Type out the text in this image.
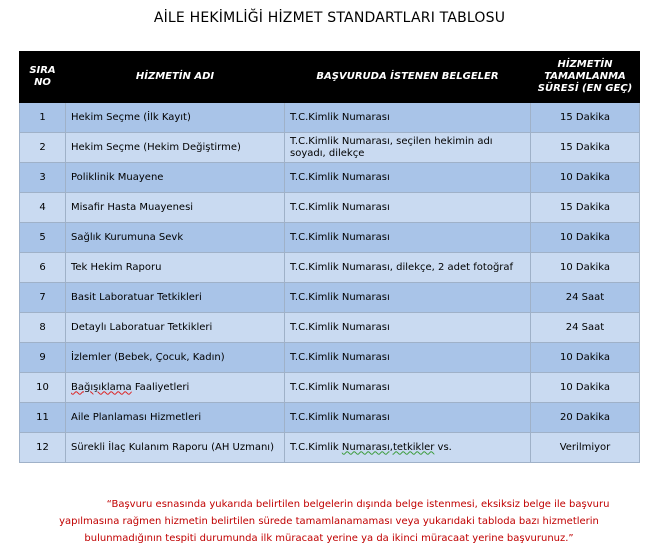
AİLE HEKİMLİĞİ HİZMET STANDARTLARI TABLOSU
SIRA NO	HİZMETİN ADI	BAŞVURUDA İSTENEN BELGELER	HİZMETİN TAMAMLANMA SÜRESİ (EN GEÇ)
1	Hekim Seçme (İlk Kayıt)	T.C.Kimlik Numarası	15 Dakika
2	Hekim Seçme (Hekim Değiştirme)	T.C.Kimlik Numarası, seçilen hekimin adı soyadı, dilekçe	15 Dakika
3	Poliklinik Muayene	T.C.Kimlik Numarası	10 Dakika
4	Misafir Hasta Muayenesi	T.C.Kimlik Numarası	15 Dakika
5	Sağlık Kurumuna Sevk	T.C.Kimlik Numarası	10 Dakika
6	Tek Hekim Raporu	T.C.Kimlik Numarası, dilekçe, 2 adet fotoğraf	10 Dakika
7	Basit Laboratuar Tetkikleri	T.C.Kimlik Numarası	24 Saat
8	Detaylı Laboratuar Tetkikleri	T.C.Kimlik Numarası	24 Saat
9	İzlemler (Bebek, Çocuk, Kadın)	T.C.Kimlik Numarası	10 Dakika
10	Bağışıklama Faaliyetleri	T.C.Kimlik Numarası	10 Dakika
11	Aile Planlaması Hizmetleri	T.C.Kimlik Numarası	20 Dakika
12	Sürekli İlaç Kulanım Raporu (AH Uzmanı)	T.C.Kimlik Numarası,tetkikler vs.	Verilmiyor
“Başvuru esnasında yukarıda belirtilen belgelerin dışında belge istenmesi, eksiksiz belge ile başvuru
yapılmasına rağmen hizmetin belirtilen sürede tamamlanamaması veya yukarıdaki tabloda bazı hizmetlerin
bulunmadığının tespiti durumunda ilk müracaat yerine ya da ikinci müracaat yerine başvurunuz.”
